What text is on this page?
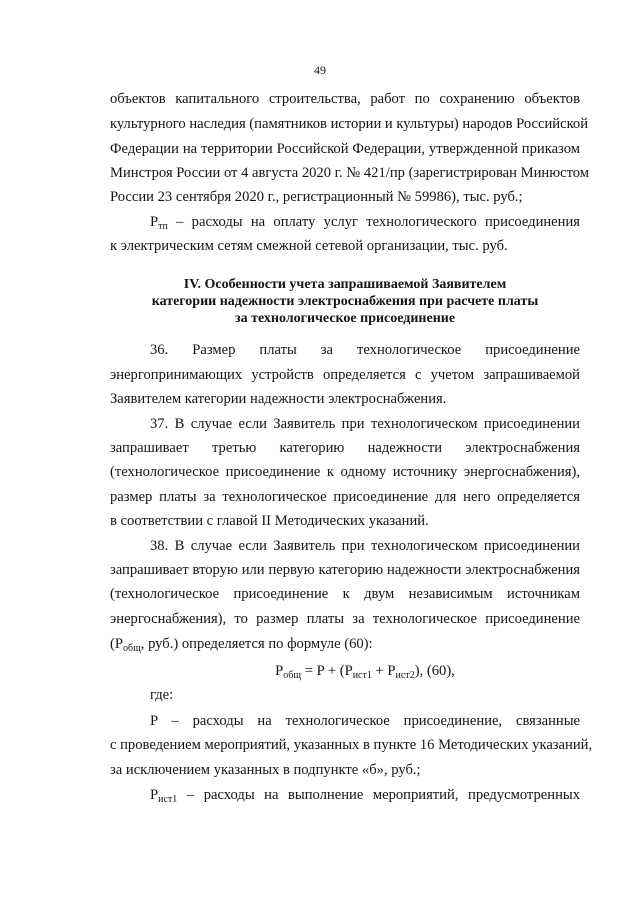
49
объектов капитального строительства, работ по сохранению объектов
культурного наследия (памятников истории и культуры) народов Российской
Федерации на территории Российской Федерации, утвержденной приказом
Минстроя России от 4 августа 2020 г. № 421/пр (зарегистрирован Минюстом
России 23 сентября 2020 г., регистрационный № 59986), тыс. руб.;
$P_{тп}$ – расходы на оплату услуг технологического присоединения
к электрическим сетям смежной сетевой организации, тыс. руб.
IV. Особенности учета запрашиваемой Заявителем
категории надежности электроснабжения при расчете платы
за технологическое присоединение
36. Размер платы за технологическое присоединение
энергопринимающих устройств определяется с учетом запрашиваемой
Заявителем категории надежности электроснабжения.
37. В случае если Заявитель при технологическом присоединении
запрашивает третью категорию надежности электроснабжения
(технологическое присоединение к одному источнику энергоснабжения),
размер платы за технологическое присоединение для него определяется
в соответствии с главой II Методических указаний.
38. В случае если Заявитель при технологическом присоединении
запрашивает вторую или первую категорию надежности электроснабжения
(технологическое присоединение к двум независимым источникам
энергоснабжения), то размер платы за технологическое присоединение
($P_{общ}$, руб.) определяется по формуле (60):
$P_{общ} = P + (P_{ист1} + P_{ист2})$, (60),
где:
P – расходы на технологическое присоединение, связанные
с проведением мероприятий, указанных в пункте 16 Методических указаний,
за исключением указанных в подпункте «б», руб.;
$P_{ист1}$ – расходы на выполнение мероприятий, предусмотренных
